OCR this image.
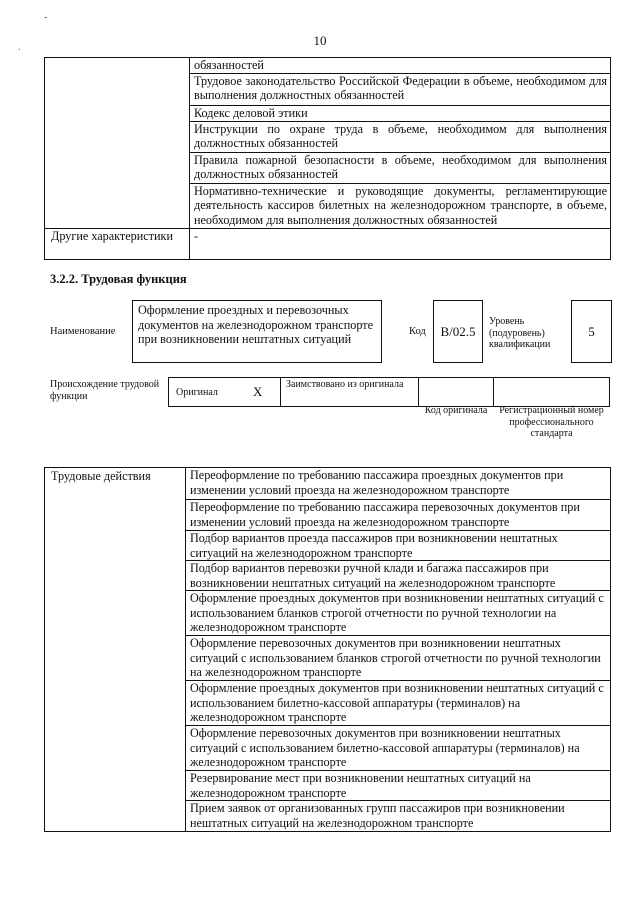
10
-
.
	обязанностей
	Трудовое законодательство Российской Федерации в объеме, необходимом для выполнения должностных обязанностей
	Кодекс деловой этики
	Инструкции по охране труда в объеме, необходимом для выполнения должностных обязанностей
	Правила пожарной безопасности в объеме, необходимом для выполнения должностных обязанностей
	Нормативно-технические и руководящие документы, регламентирующие деятельность кассиров билетных на железнодорожном транспорте, в объеме, необходимом для выполнения должностных обязанностей
Другие характеристики	-
3.2.2. Трудовая функция
Наименование
Оформление проездных и перевозочных документов на железнодорожном транспорте при возникновении нештатных ситуаций
Код	B/02.5
Уровень (подуровень) квалификации
5
Происхождение трудовой функции	Оригинал	X Заимствовано из оригинала
Код оригинала	Регистрационный номер профессионального стандарта
Трудовые действия	Переоформление по требованию пассажира проездных документов при изменении условий проезда на железнодорожном транспорте
Переоформление по требованию пассажира перевозочных документов при изменении условий проезда на железнодорожном транспорте
Подбор вариантов проезда пассажиров при возникновении нештатных ситуаций на железнодорожном транспорте
Подбор вариантов перевозки ручной клади и багажа пассажиров при возникновении нештатных ситуаций на железнодорожном транспорте
Оформление проездных документов при возникновении нештатных ситуаций с использованием бланков строгой отчетности по ручной технологии на железнодорожном транспорте
Оформление перевозочных документов при возникновении нештатных ситуаций с использованием бланков строгой отчетности по ручной технологии на железнодорожном транспорте
Оформление проездных документов при возникновении нештатных ситуаций с использованием билетно-кассовой аппаратуры (терминалов) на железнодорожном транспорте
Оформление перевозочных документов при возникновении нештатных ситуаций с использованием билетно-кассовой аппаратуры (терминалов) на железнодорожном транспорте
Резервирование мест при возникновении нештатных ситуаций на железнодорожном транспорте
Прием заявок от организованных групп пассажиров при возникновении нештатных ситуаций на железнодорожном транспорте
